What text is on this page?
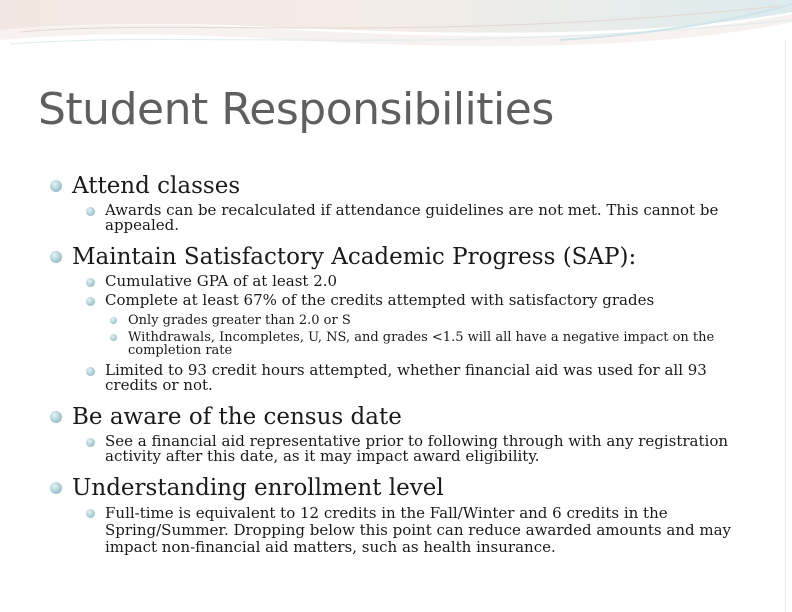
Student Responsibilities
Attend classes
Awards can be recalculated if attendance guidelines are not met. This cannot be appealed.
Maintain Satisfactory Academic Progress (SAP):
Cumulative GPA of at least 2.0
Complete at least 67% of the credits attempted with satisfactory grades
Only grades greater than 2.0 or S
Withdrawals, Incompletes, U, NS, and grades <1.5 will all have a negative impact on the completion rate
Limited to 93 credit hours attempted, whether financial aid was used for all 93 credits or not.
Be aware of the census date
See a financial aid representative prior to following through with any registration activity after this date, as it may impact award eligibility.
Understanding enrollment level
Full-time is equivalent to 12 credits in the Fall/Winter and 6 credits in the Spring/Summer. Dropping below this point can reduce awarded amounts and may impact non-financial aid matters, such as health insurance.
